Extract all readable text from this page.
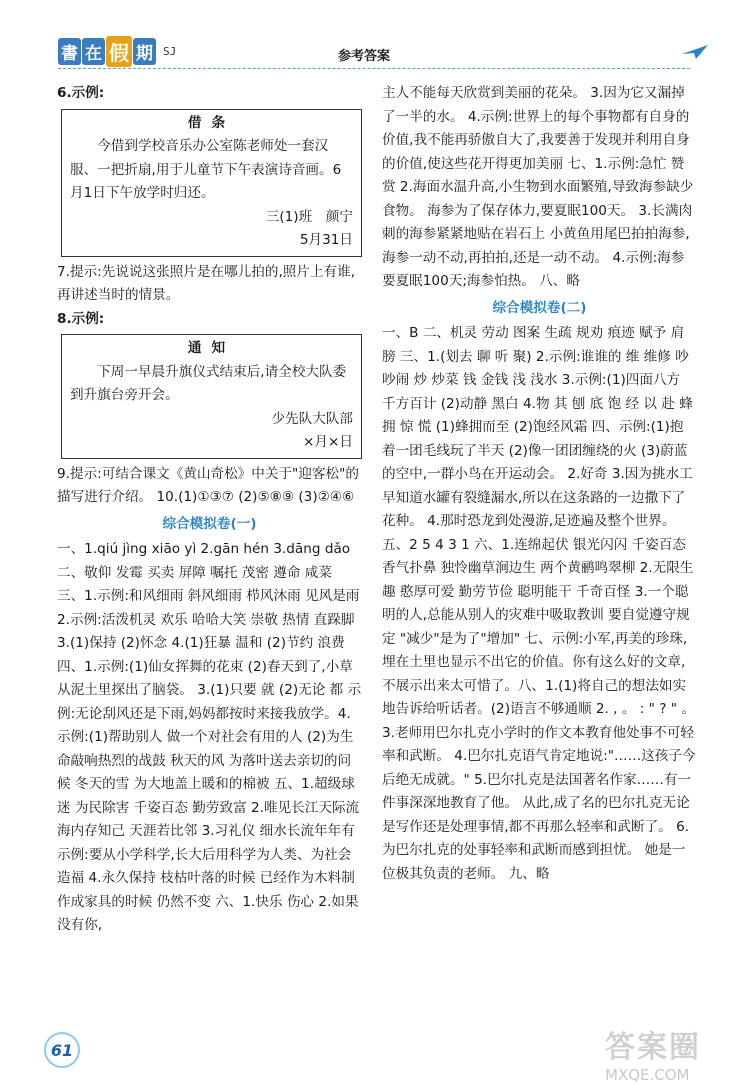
書 在 假 期 SJ	参考答案

6.示例:

借条

今借到学校音乐办公室陈老师处一套汉服、一把折扇,用于儿童节下午表演诗音画。6月1日下午放学时归还。

三(1)班　颜宁
5月31日

7.提示:先说说这张照片是在哪儿拍的,照片上有谁,再讲述当时的情景。

8.示例:

通知

下周一早晨升旗仪式结束后,请全校大队委到升旗台旁开会。

少先队大队部
×月×日

9.提示:可结合课文《黄山奇松》中关于"迎客松"的描写进行介绍。 10.(1)①③⑦ (2)⑤⑧⑨ (3)②④⑥

综合模拟卷(一)

一、1.qiú jìng xiāo yì 2.gān hén 3.dāng dǎo 二、敬仰 发霉 买卖 屏障 嘱托 茂密 遵命 咸菜 三、1.示例:和风细雨 斜风细雨 栉风沐雨 见风是雨 2.示例:活泼机灵 欢乐 哈哈大笑 崇敬 热情 直跺脚 3.(1)保持 (2)怀念 4.(1)狂暴 温和 (2)节约 浪费 四、1.示例:(1)仙女挥舞的花束 (2)春天到了,小草从泥土里探出了脑袋。 3.(1)只要 就 (2)无论 都 示例:无论刮风还是下雨,妈妈都按时来接我放学。4.示例:(1)帮助别人 做一个对社会有用的人 (2)为生命敲响热烈的战鼓 秋天的风 为落叶送去亲切的问候 冬天的雪 为大地盖上暖和的棉被 五、1.超级球迷 为民除害 千姿百态 勤劳致富 2.唯见长江天际流 海内存知己 天涯若比邻 3.习礼仪 细水长流年年有 示例:要从小学科学,长大后用科学为人类、为社会造福 4.永久保持 枝枯叶落的时候 已经作为木料制作成家具的时候 仍然不变 六、1.快乐 伤心 2.如果没有你,

主人不能每天欣赏到美丽的花朵。 3.因为它又漏掉了一半的水。 4.示例:世界上的每个事物都有自身的价值,我不能再骄傲自大了,我要善于发现并利用自身的价值,使这些花开得更加美丽 七、1.示例:急忙 赞赏 2.海面水温升高,小生物到水面繁殖,导致海参缺少食物。 海参为了保存体力,要夏眠100天。 3.长满肉刺的海参紧紧地贴在岩石上 小黄鱼用尾巴拍拍海参,海参一动不动,再拍拍,还是一动不动。 4.示例:海参要夏眠100天;海参怕热。 八、略

综合模拟卷(二)

一、B 二、机灵 劳动 图案 生疏 规劝 痕迹 赋予 肩膀 三、1.(划去 聊 听 聚) 2.示例:谁谁的 维 维修 吵 吵闹 炒 炒菜 钱 金钱 浅 浅水 3.示例:(1)四面八方 千方百计 (2)动静 黑白 4.物 其 刨 底 饱 经 以 赴 蜂 拥 惊 慌 (1)蜂拥而至 (2)饱经风霜 四、示例:(1)抱着一团毛线玩了半天 (2)像一团团缠绕的火 (3)蔚蓝的空中,一群小鸟在开运动会。 2.好奇 3.因为挑水工早知道水罐有裂缝漏水,所以在这条路的一边撒下了花种。 4.那时恐龙到处漫游,足迹遍及整个世界。 五、2 5 4 3 1 六、1.连绵起伏 银光闪闪 千姿百态 香气扑鼻 独怜幽草涧边生 两个黄鹂鸣翠柳 2.无限生趣 憨厚可爱 勤劳节俭 聪明能干 千奇百怪 3.一个聪明的人,总能从别人的灾难中吸取教训 要自觉遵守规定 "减少"是为了"增加" 七、示例:小军,再美的珍珠,埋在土里也显示不出它的价值。你有这么好的文章,不展示出来太可惜了。八、1.(1)将自己的想法如实地告诉给听话者。(2)语言不够通顺 2. , 。 : " ? " 。 3.老师用巴尔扎克小学时的作文本教育他处事不可轻率和武断。 4.巴尔扎克语气肯定地说:"……这孩子今后绝无成就。" 5.巴尔扎克是法国著名作家……有一件事深深地教育了他。 从此,成了名的巴尔扎克无论是写作还是处理事情,都不再那么轻率和武断了。 6.为巴尔扎克的处事轻率和武断而感到担忧。 她是一位极其负责的老师。 九、略

61	答案圈
MXQE.COM
